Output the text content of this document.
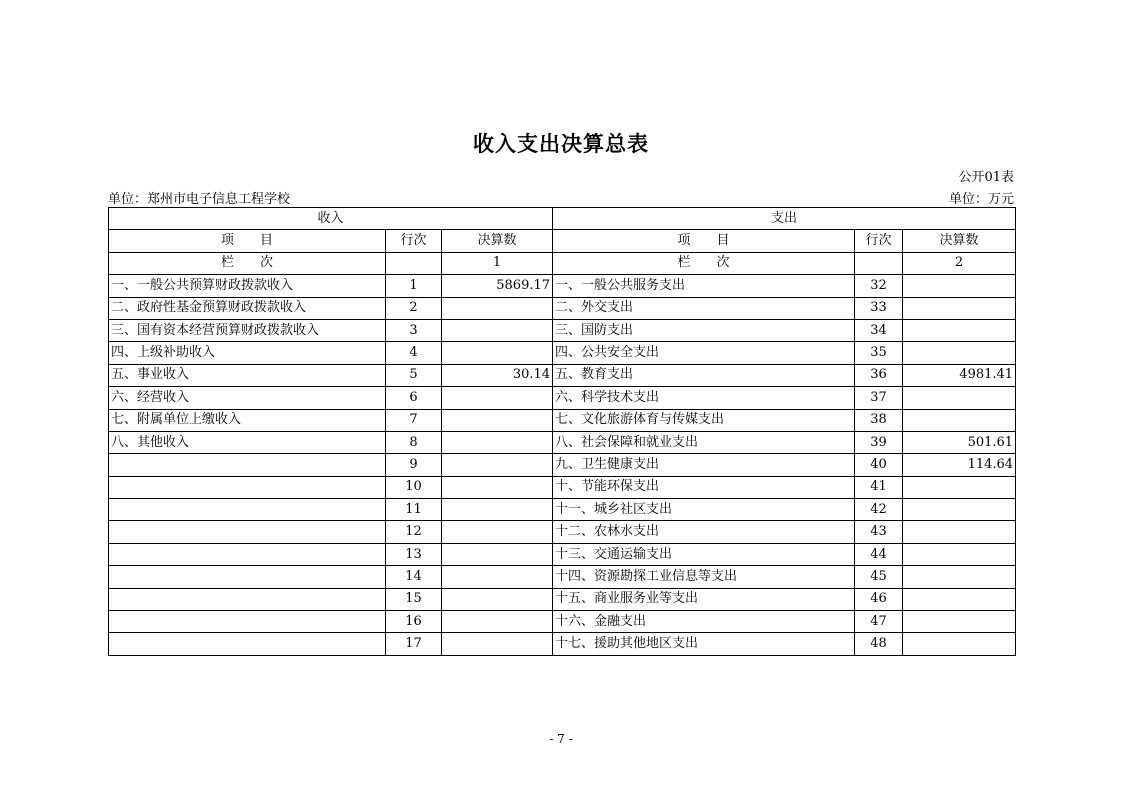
收入支出决算总表
公开01表
单位：郑州市电子信息工程学校	单位：万元
收入			支出		
项　　目	行次	决算数	项　　目	行次	决算数
栏　　次		1	栏　　次		2
一、一般公共预算财政拨款收入	1	5869.17	一、一般公共服务支出	32	
二、政府性基金预算财政拨款收入	2		二、外交支出	33	
三、国有资本经营预算财政拨款收入	3		三、国防支出	34	
四、上级补助收入	4		四、公共安全支出	35	
五、事业收入	5	30.14	五、教育支出	36	4981.41
六、经营收入	6		六、科学技术支出	37	
七、附属单位上缴收入	7		七、文化旅游体育与传媒支出	38	
八、其他收入	8		八、社会保障和就业支出	39	501.61
	9		九、卫生健康支出	40	114.64
	10		十、节能环保支出	41	
	11		十一、城乡社区支出	42	
	12		十二、农林水支出	43	
	13		十三、交通运输支出	44	
	14		十四、资源勘探工业信息等支出	45	
	15		十五、商业服务业等支出	46	
	16		十六、金融支出	47	
	17		十七、援助其他地区支出	48	
- 7 -
